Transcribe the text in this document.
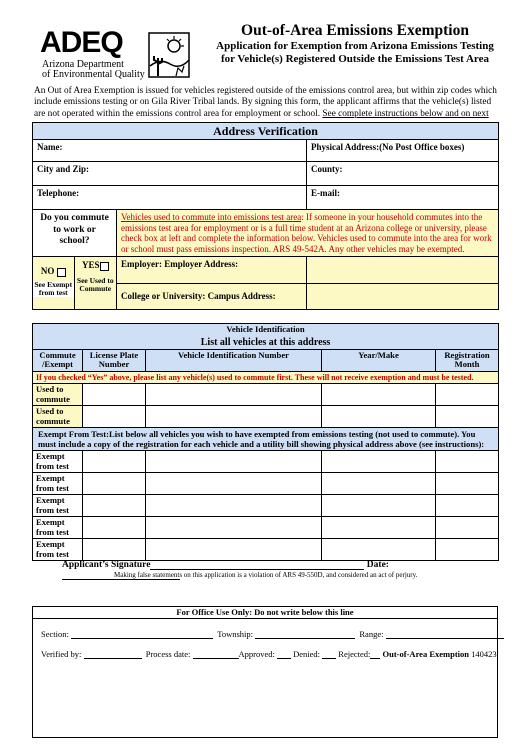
ADEQ
Arizona Department
of Environmental Quality
Out-of-Area Emissions Exemption
Application for Exemption from Arizona Emissions Testing
for Vehicle(s) Registered Outside the Emissions Test Area
An Out of Area Exemption is issued for vehicles registered outside of the emissions control area, but within zip codes which include emissions testing or on Gila River Tribal lands. By signing this form, the applicant affirms that the vehicle(s) listed are not operated within the emissions control area for employment or school. See complete instructions below and on next
Address Verification		
Name:		Physical Address:(No Post Office boxes)
City and Zip:		County:
Telephone:		E-mail:
Do you commute to work or school?	Vehicles used to commute into emissions test area: If someone in your household commutes into the emissions test area for employment or is a full time student at an Arizona college or university, please check box at left and complete the information below. Vehicles used to commute into the area for work or school must pass emissions inspection. ARS 49-542A. Any other vehicles may be exempted.	

NO
See Exempt from test
YES
See Used to Commute	Employer: Employer Address:	
	College or University: Campus Address:	
Vehicle Identification				
List all vehicles at this address				
Commute /Exempt	License Plate Number	Vehicle Identification Number	Year/Make	Registration Month
If you checked “Yes” above, please list any vehicle(s) used to commute first. These will not receive exemption and must be tested.				
Used to commute				
Used to commute				
Exempt From Test:List below all vehicles you wish to have exempted from emissions testing (not used to commute). You must include a copy of the registration for each vehicle and a utility bill showing physical address above (see instructions):				
Exempt from test				
Exempt from test				
Exempt from test				
Exempt from test				
Exempt from test				
Applicant’s Signature	Date:
Making false statements on this application is a violation of ARS 49-550D, and considered an act of perjury.
For Office Use Only: Do not write below this line
Section:	Township:	Range:
Verified by:	Process date:	Approved: Denied: Rejected: Out-of-Area Exemption 140423
